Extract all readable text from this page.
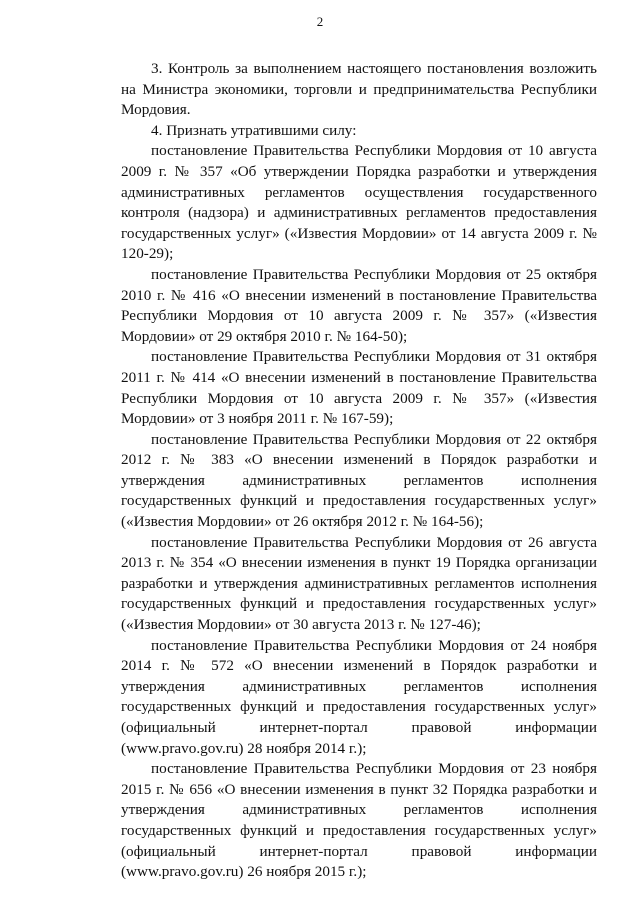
2

3. Контроль за выполнением настоящего постановления возложить на Министра экономики, торговли и предпринимательства Республики Мордовия.

4. Признать утратившими силу:

постановление Правительства Республики Мордовия от 10 августа 2009 г. № 357 «Об утверждении Порядка разработки и утверждения административных регламентов осуществления государственного контроля (надзора) и административных регламентов предоставления государственных услуг» («Известия Мордовии» от 14 августа 2009 г. № 120-29);

постановление Правительства Республики Мордовия от 25 октября 2010 г. № 416 «О внесении изменений в постановление Правительства Республики Мордовия от 10 августа 2009 г. № 357» («Известия Мордовии» от 29 октября 2010 г. № 164-50);

постановление Правительства Республики Мордовия от 31 октября 2011 г. № 414 «О внесении изменений в постановление Правительства Республики Мордовия от 10 августа 2009 г. № 357» («Известия Мордовии» от 3 ноября 2011 г. № 167-59);

постановление Правительства Республики Мордовия от 22 октября 2012 г. № 383 «О внесении изменений в Порядок разработки и утверждения административных регламентов исполнения государственных функций и предоставления государственных услуг» («Известия Мордовии» от 26 октября 2012 г. № 164-56);

постановление Правительства Республики Мордовия от 26 августа 2013 г. № 354 «О внесении изменения в пункт 19 Порядка организации разработки и утверждения административных регламентов исполнения государственных функций и предоставления государственных услуг» («Известия Мордовии» от 30 августа 2013 г. № 127-46);

постановление Правительства Республики Мордовия от 24 ноября 2014 г. № 572 «О внесении изменений в Порядок разработки и утверждения административных регламентов исполнения государственных функций и предоставления государственных услуг» (официальный интернет-портал правовой информации (www.pravo.gov.ru) 28 ноября 2014 г.);

постановление Правительства Республики Мордовия от 23 ноября 2015 г. № 656 «О внесении изменения в пункт 32 Порядка разработки и утверждения административных регламентов исполнения государственных функций и предоставления государственных услуг» (официальный интернет-портал правовой информации (www.pravo.gov.ru) 26 ноября 2015 г.);
